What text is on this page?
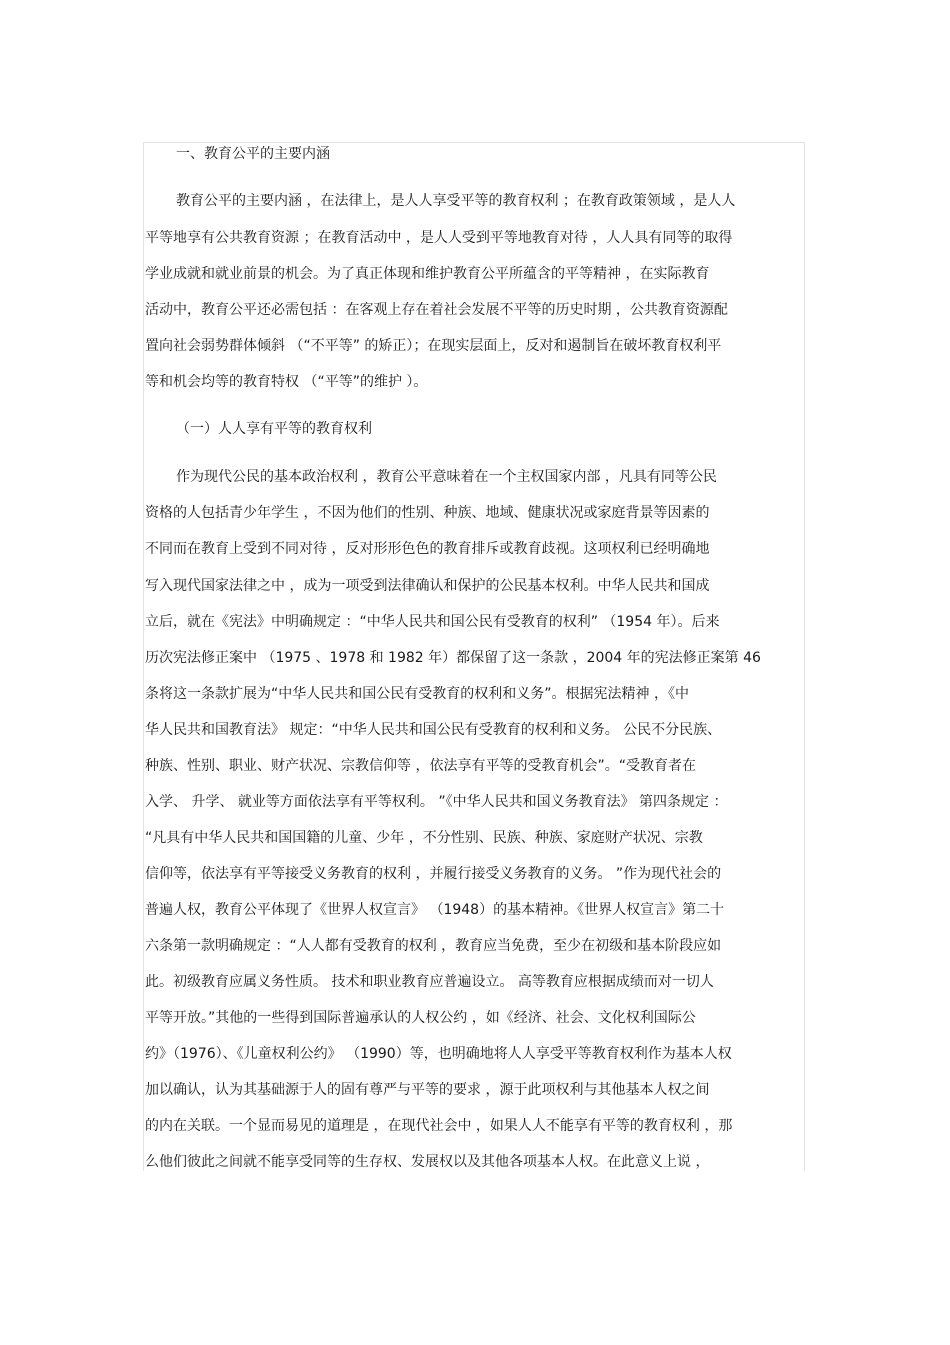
一、教育公平的主要内涵
教育公平的主要内涵 ，在法律上，是人人享受平等的教育权利 ；在教育政策领域 ，是人人
平等地享有公共教育资源 ；在教育活动中 ，是人人受到平等地教育对待 ，人人具有同等的取得
学业成就和就业前景的机会。为了真正体现和维护教育公平所蕴含的平等精神 ，在实际教育
活动中，教育公平还必需包括 ：在客观上存在着社会发展不平等的历史时期 ，公共教育资源配
置向社会弱势群体倾斜 （“不平等” 的矫正）；在现实层面上，反对和遏制旨在破坏教育权利平
等和机会均等的教育特权 （“平等”的维护 ）。
（一）人人享有平等的教育权利
作为现代公民的基本政治权利 ，教育公平意味着在一个主权国家内部 ，凡具有同等公民
资格的人包括青少年学生 ，不因为他们的性别、种族、地域、健康状况或家庭背景等因素的
不同而在教育上受到不同对待 ，反对形形色色的教育排斥或教育歧视。这项权利已经明确地
写入现代国家法律之中 ，成为一项受到法律确认和保护的公民基本权利。中华人民共和国成
立后，就在《宪法》中明确规定 ：“中华人民共和国公民有受教育的权利” （1954 年）。后来
历次宪法修正案中 （1975 、1978 和 1982 年）都保留了这一条款 ，2004 年的宪法修正案第 46
条将这一条款扩展为“中华人民共和国公民有受教育的权利和义务”。根据宪法精神 ，《中
华人民共和国教育法》 规定：“中华人民共和国公民有受教育的权利和义务。 公民不分民族、
种族、性别、职业、财产状况、宗教信仰等 ，依法享有平等的受教育机会”。“受教育者在
入学、 升学、 就业等方面依法享有平等权利。 ”《中华人民共和国义务教育法》 第四条规定 ：
“凡具有中华人民共和国国籍的儿童、少年 ，不分性别、民族、种族、家庭财产状况、宗教
信仰等，依法享有平等接受义务教育的权利 ，并履行接受义务教育的义务。 ”作为现代社会的
普遍人权，教育公平体现了《世界人权宣言》 （1948）的基本精神。《世界人权宣言》第二十
六条第一款明确规定 ：“人人都有受教育的权利 ，教育应当免费，至少在初级和基本阶段应如
此。初级教育应属义务性质。 技术和职业教育应普遍设立。 高等教育应根据成绩而对一切人
平等开放。”其他的一些得到国际普遍承认的人权公约 ，如《经济、社会、文化权利国际公
约》（1976）、《儿童权利公约》 （1990）等，也明确地将人人享受平等教育权利作为基本人权
加以确认，认为其基础源于人的固有尊严与平等的要求 ，源于此项权利与其他基本人权之间
的内在关联。一个显而易见的道理是 ，在现代社会中 ，如果人人不能享有平等的教育权利 ，那
么他们彼此之间就不能享受同等的生存权、发展权以及其他各项基本人权。在此意义上说 ，
